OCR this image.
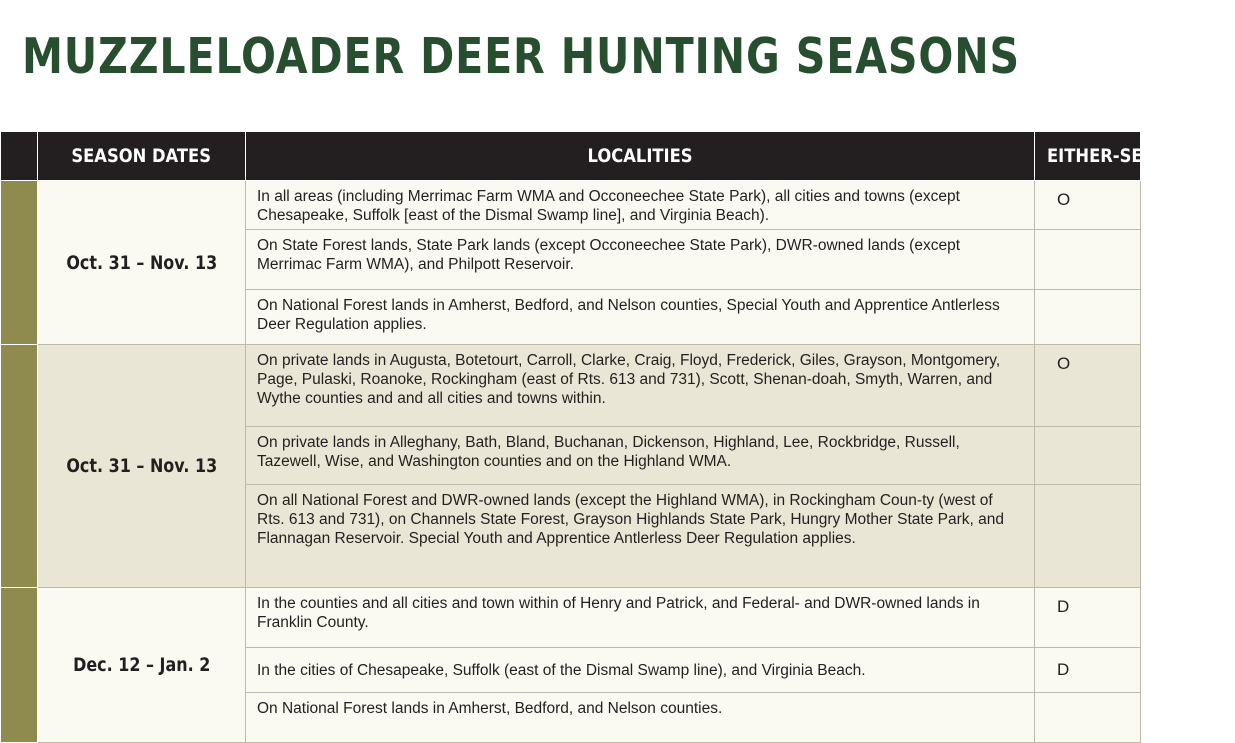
MUZZLELOADER DEER HUNTING SEASONS
	SEASON DATES	LOCALITIES	EITHER-SEX DAYS
	Oct. 31 – Nov. 13	In all areas (including Merrimac Farm WMA and Occoneechee State Park), all cities and towns (except Chesapeake, Suffolk [east of the Dismal Swamp line], and Virginia Beach).	O
		On State Forest lands, State Park lands (except Occoneechee State Park), DWR-owned lands (except Merrimac Farm WMA), and Philpott Reservoir.	
		On National Forest lands in Amherst, Bedford, and Nelson counties, Special Youth and Apprentice Antlerless Deer Regulation applies.	
	Oct. 31 – Nov. 13	On private lands in Augusta, Botetourt, Carroll, Clarke, Craig, Floyd, Frederick, Giles, Grayson, Montgomery, Page, Pulaski, Roanoke, Rockingham (east of Rts. 613 and 731), Scott, Shenan-doah, Smyth, Warren, and Wythe counties and and all cities and towns within.	O
		On private lands in Alleghany, Bath, Bland, Buchanan, Dickenson, Highland, Lee, Rockbridge, Russell, Tazewell, Wise, and Washington counties and on the Highland WMA.	
		On all National Forest and DWR-owned lands (except the Highland WMA), in Rockingham Coun-ty (west of Rts. 613 and 731), on Channels State Forest, Grayson Highlands State Park, Hungry Mother State Park, and Flannagan Reservoir. Special Youth and Apprentice Antlerless Deer Regulation applies.	
	Dec. 12 – Jan. 2	In the counties and all cities and town within of Henry and Patrick, and Federal- and DWR-owned lands in Franklin County.	D
		In the cities of Chesapeake, Suffolk (east of the Dismal Swamp line), and Virginia Beach.	D
		On National Forest lands in Amherst, Bedford, and Nelson counties.	
